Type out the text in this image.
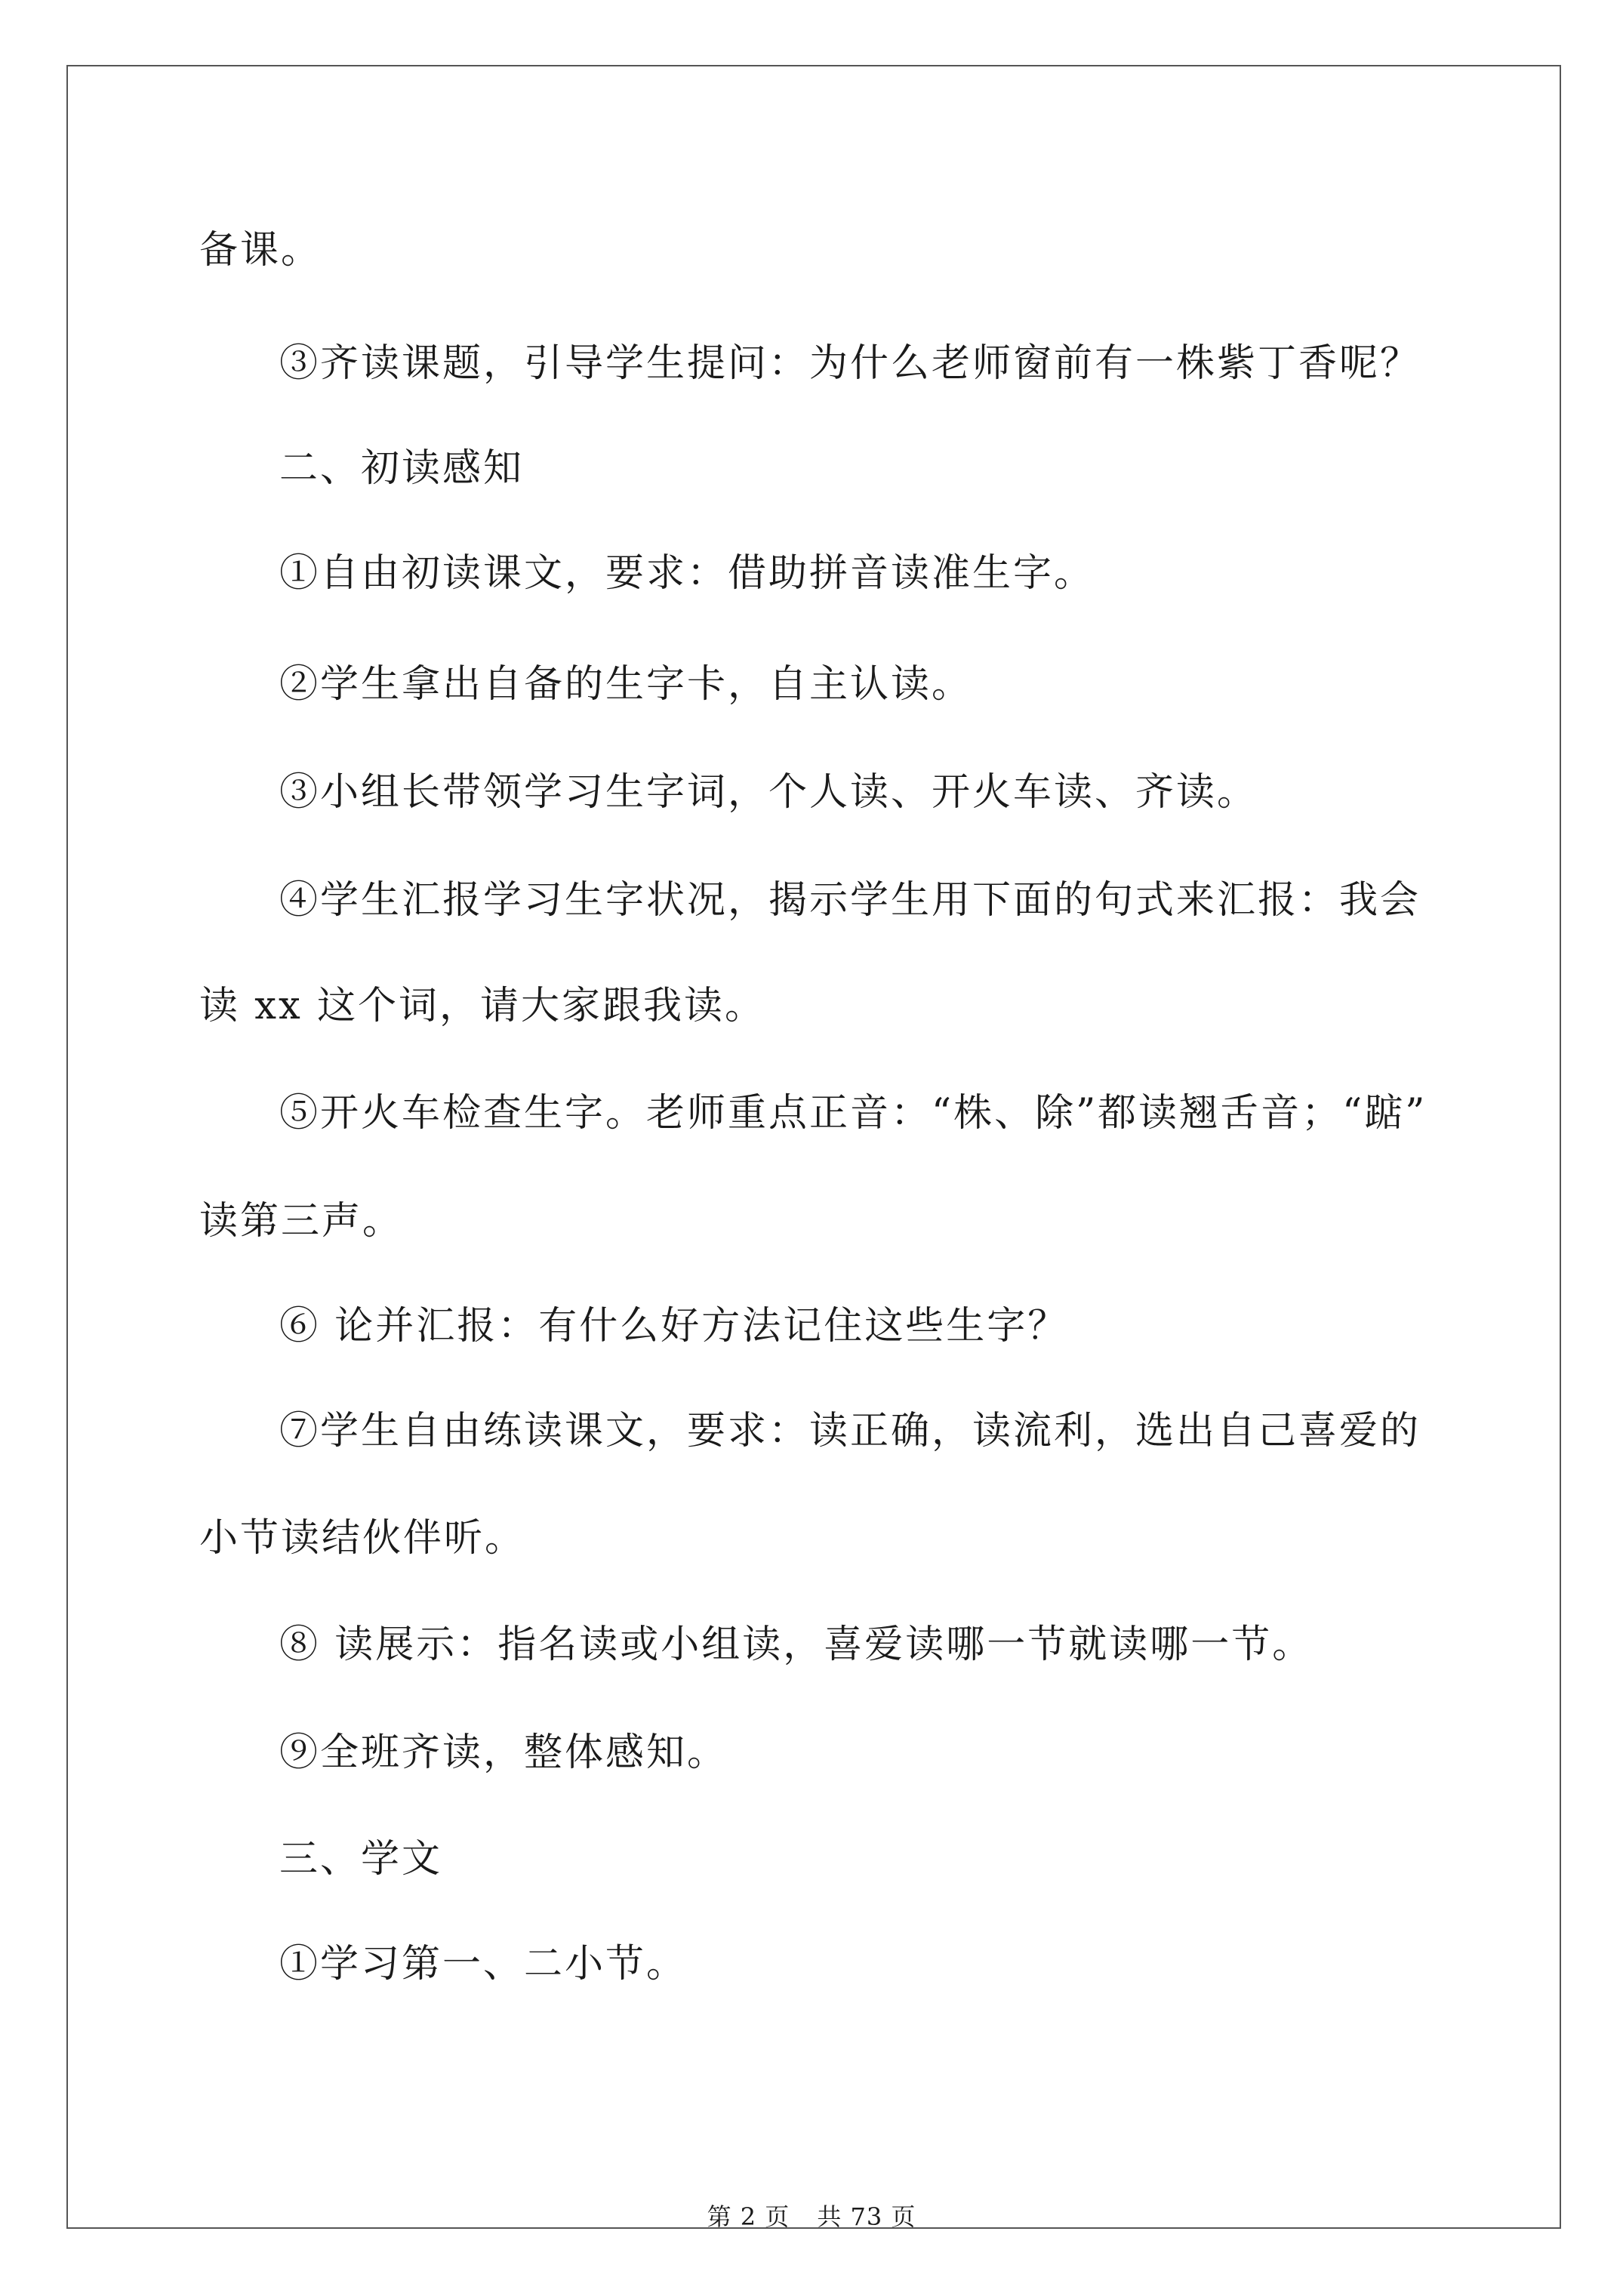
备课。
③齐读课题，引导学生提问：为什么老师窗前有一株紫丁香呢？
二、初读感知
①自由初读课文，要求：借助拼音读准生字。
②学生拿出自备的生字卡，自主认读。
③小组长带领学习生字词，个人读、开火车读、齐读。
④学生汇报学习生字状况，揭示学生用下面的句式来汇报：我会
读 xx 这个词，请大家跟我读。
⑤开火车检查生字。老师重点正音：“株、除”都读翘舌音；“踮”
读第三声。
⑥ 论并汇报：有什么好方法记住这些生字？
⑦学生自由练读课文，要求：读正确，读流利，选出自己喜爱的
小节读结伙伴听。
⑧ 读展示：指名读或小组读，喜爱读哪一节就读哪一节。
⑨全班齐读，整体感知。
三、学文
①学习第一、二小节。
第 2 页 共 73 页
